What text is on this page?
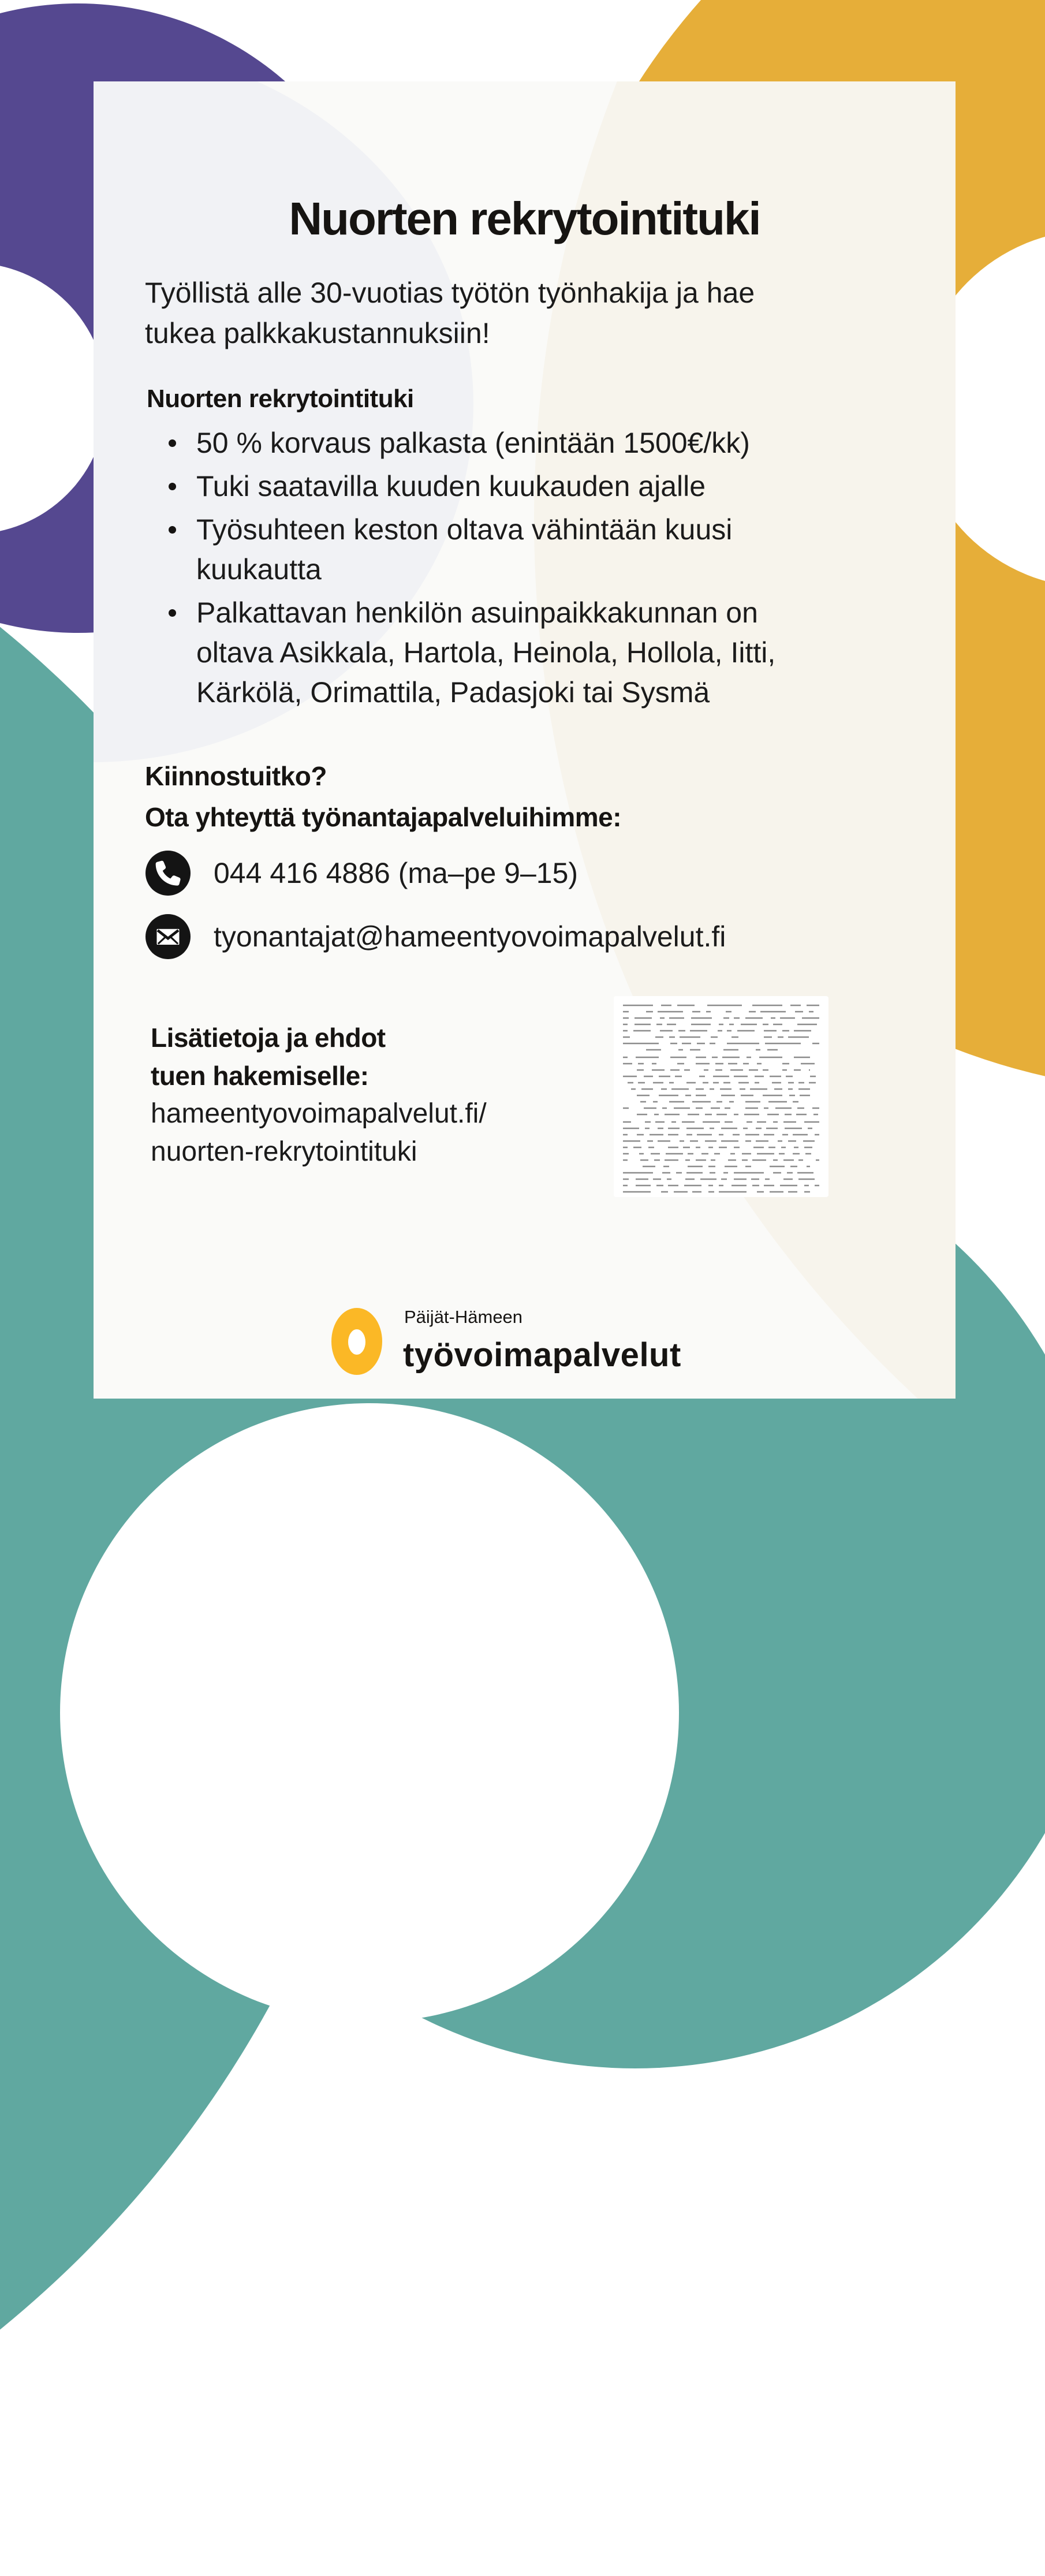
Nuorten rekrytointituki
Työllistä alle 30-vuotias työtön työnhakija ja hae
tukea palkkakustannuksiin!
Nuorten rekrytointituki
50 % korvaus palkasta (enintään 1500€/kk)
Tuki saatavilla kuuden kuukauden ajalle
Työsuhteen keston oltava vähintään kuusi
kuukautta
Palkattavan henkilön asuinpaikkakunnan on
oltava Asikkala, Hartola, Heinola, Hollola, Iitti,
Kärkölä, Orimattila, Padasjoki tai Sysmä
Kiinnostuitko?
Ota yhteyttä työnantajapalveluihimme:
044 416 4886 (ma–pe 9–15)
tyonantajat@hameentyovoimapalvelut.fi
Lisätietoja ja ehdot
tuen hakemiselle:
hameentyovoimapalvelut.fi/
nuorten-rekrytointituki
Päijät-Hämeen
työvoimapalvelut
